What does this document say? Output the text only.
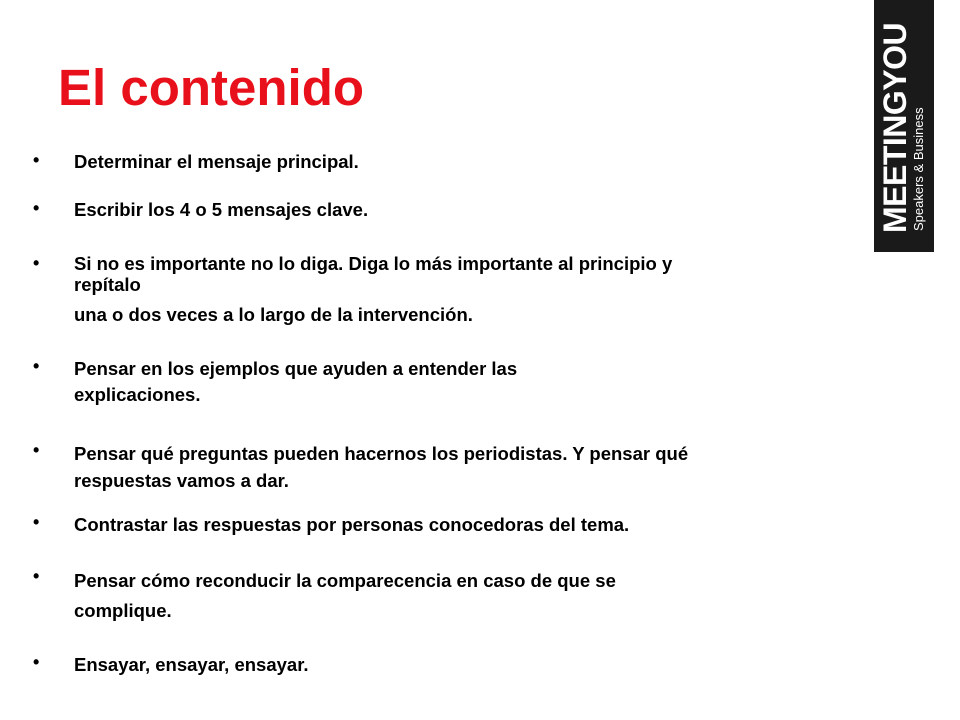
El contenido	MEETINGYOU
Speakers & Business
• Determinar el mensaje principal.
• Escribir los 4 o 5 mensajes clave.
• Si no es importante no lo diga. Diga lo más importante al principio y
repítalo
una o dos veces a lo largo de la intervención.
• Pensar en los ejemplos que ayuden a entender las
explicaciones.
• Pensar qué preguntas pueden hacernos los periodistas. Y pensar qué
respuestas vamos a dar.
• Contrastar las respuestas por personas conocedoras del tema.
• Pensar cómo reconducir la comparecencia en caso de que se
complique.
• Ensayar, ensayar, ensayar.
